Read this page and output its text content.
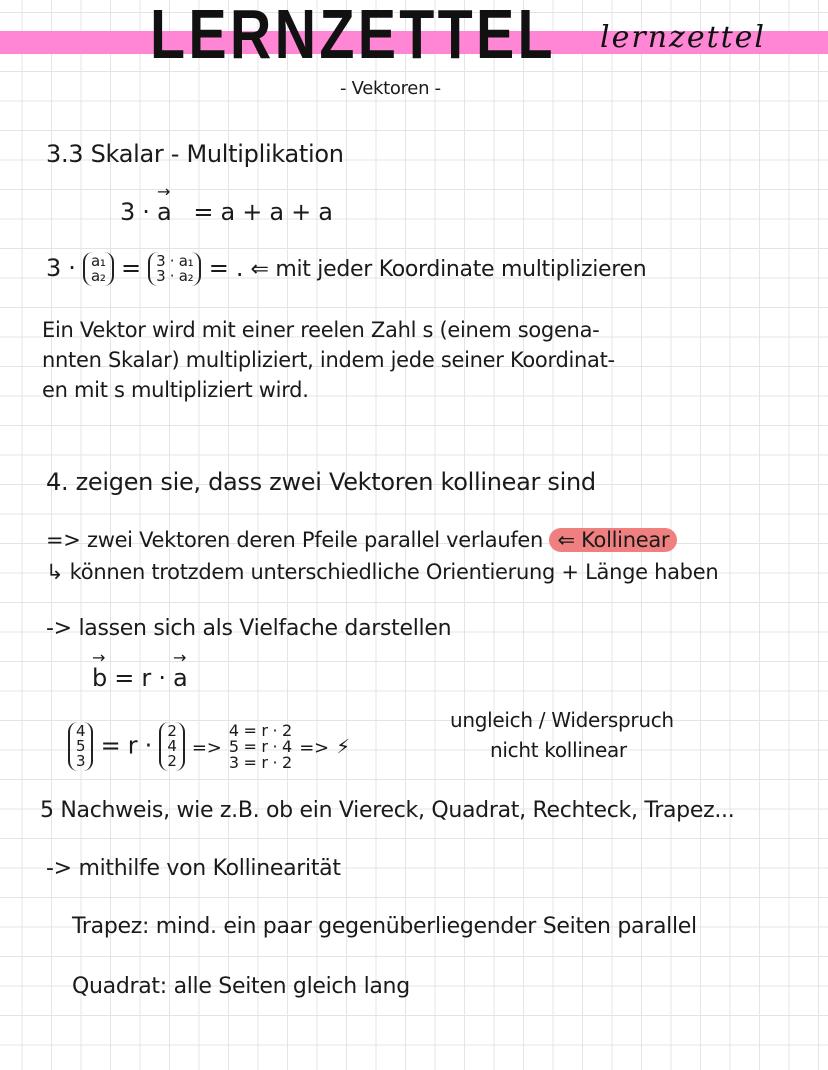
LERNZETTEL lernzettel
- Vektoren -
3.3 Skalar - Multiplikation
3 · → a = a + a + a
3 · a₁
a₂ = 3 · a₁
3 · a₂ = . ⇐ mit jeder Koordinate multiplizieren
Ein Vektor wird mit einer reelen Zahl s (einem sogena-
nnten Skalar) multipliziert, indem jede seiner Koordinat-
en mit s multipliziert wird.
4. zeigen sie, dass zwei Vektoren kollinear sind
=> zwei Vektoren deren Pfeile parallel verlaufen ⇐ Kollinear
↳ können trotzdem unterschiedliche Orientierung + Länge haben
-> lassen sich als Vielfache darstellen
→ b = r · → a
4
5
3
= r ·
2
4
2
=>
4 = r · 2
5 = r · 4
3 = r · 2
=> ⚡
ungleich / Widerspruch
nicht kollinear
5 Nachweis, wie z.B. ob ein Viereck, Quadrat, Rechteck, Trapez...
-> mithilfe von Kollinearität
Trapez: mind. ein paar gegenüberliegender Seiten parallel
Quadrat: alle Seiten gleich lang
